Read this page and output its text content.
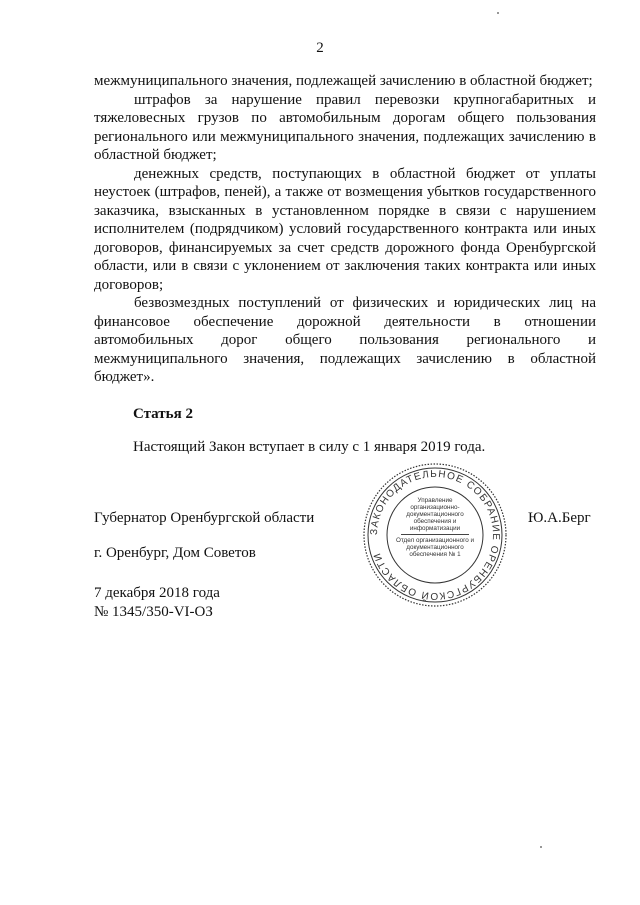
2

межмуниципального значения, подлежащей зачислению в областной бюджет;

штрафов за нарушение правил перевозки крупногабаритных и тяжеловесных грузов по автомобильным дорогам общего пользования регионального или межмуниципального значения, подлежащих зачислению в областной бюджет;

денежных средств, поступающих в областной бюджет от уплаты неустоек (штрафов, пеней), а также от возмещения убытков государственного заказчика, взысканных в установленном порядке в связи с нарушением исполнителем (подрядчиком) условий государственного контракта или иных договоров, финансируемых за счет средств дорожного фонда Оренбургской области, или в связи с уклонением от заключения таких контракта или иных договоров;

безвозмездных поступлений от физических и юридических лиц на финансовое обеспечение дорожной деятельности в отношении автомобильных дорог общего пользования регионального и межмуниципального значения, подлежащих зачислению в областной бюджет».

Статья 2
Настоящий Закон вступает в силу с 1 января 2019 года.
Губернатор Оренбургской области	Ю.А.Берг
ЗАКОНОДАТЕЛЬНОЕ СОБРАНИЕ ОРЕНБУРГСКОЙ ОБЛАСТИ
Управление организационно-документационного обеспечения и информатизации
Отдел организационного и документационного обеспечения № 1
г. Оренбург, Дом Советов
7 декабря 2018 года
№ 1345/350-VI-ОЗ
